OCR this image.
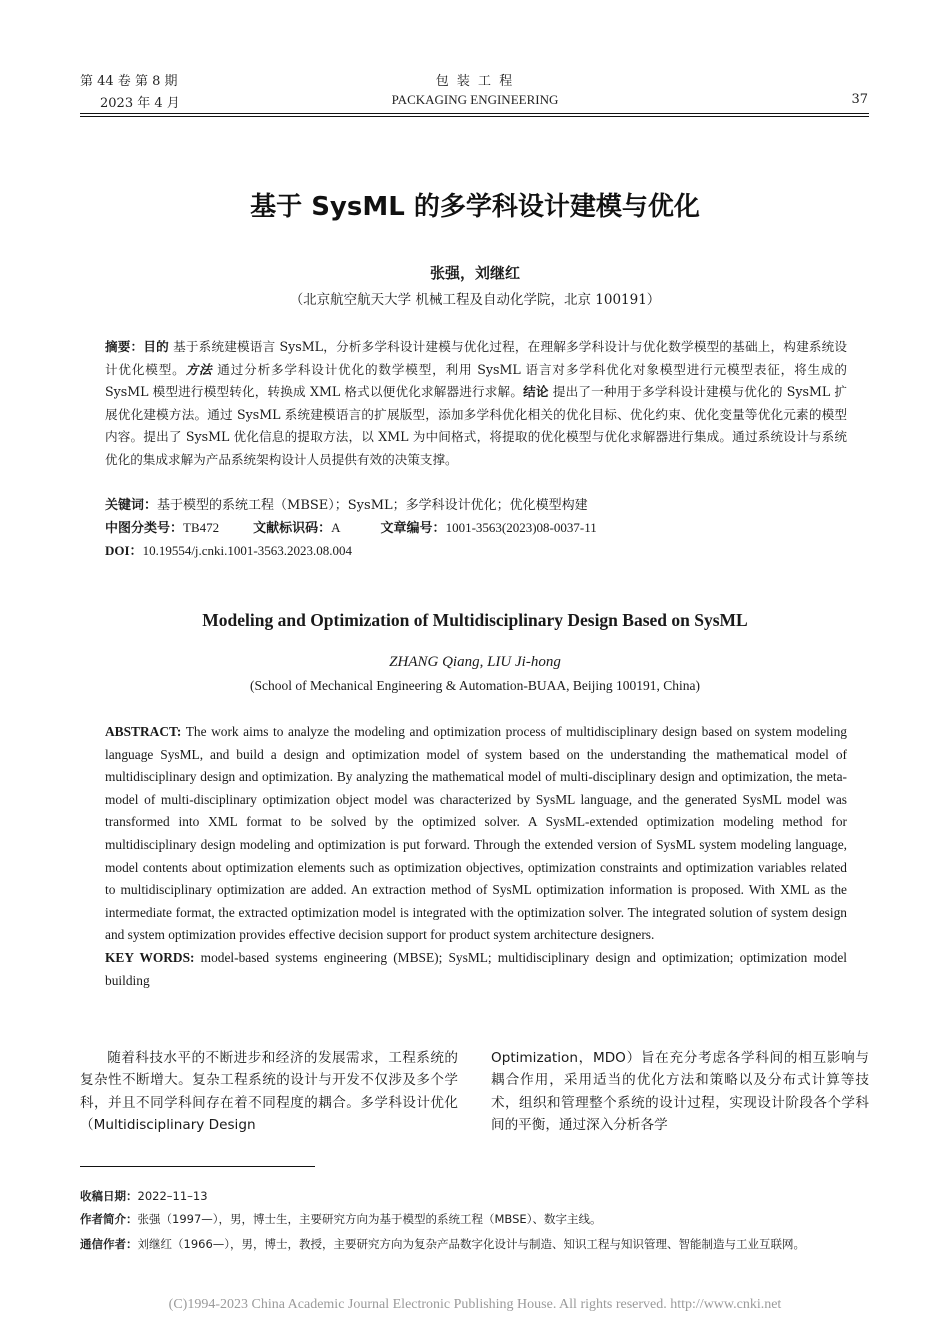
第 44 卷 第 8 期
2023 年 4 月
包 装 工 程
PACKAGING ENGINEERING	37
基于 SysML 的多学科设计建模与优化
张强，刘继红
（北京航空航天大学 机械工程及自动化学院，北京 100191）
摘要：目的 基于系统建模语言 SysML，分析多学科设计建模与优化过程，在理解多学科设计与优化数学模型的基础上，构建系统设计优化模型。方法 通过分析多学科设计优化的数学模型，利用 SysML 语言对多学科优化对象模型进行元模型表征，将生成的 SysML 模型进行模型转化，转换成 XML 格式以便优化求解器进行求解。结论 提出了一种用于多学科设计建模与优化的 SysML 扩展优化建模方法。通过 SysML 系统建模语言的扩展版型，添加多学科优化相关的优化目标、优化约束、优化变量等优化元素的模型内容。提出了 SysML 优化信息的提取方法，以 XML 为中间格式，将提取的优化模型与优化求解器进行集成。通过系统设计与系统优化的集成求解为产品系统架构设计人员提供有效的决策支撑。
关键词：基于模型的系统工程（MBSE）；SysML；多学科设计优化；优化模型构建
中图分类号：TB472	文献标识码：A	文章编号：1001-3563(2023)08-0037-11
DOI：10.19554/j.cnki.1001-3563.2023.08.004
Modeling and Optimization of Multidisciplinary Design Based on SysML
ZHANG Qiang, LIU Ji-hong
(School of Mechanical Engineering & Automation-BUAA, Beijing 100191, China)
ABSTRACT: The work aims to analyze the modeling and optimization process of multidisciplinary design based on system modeling language SysML, and build a design and optimization model of system based on the understanding the mathematical model of multidisciplinary design and optimization. By analyzing the mathematical model of multi-disciplinary design and optimization, the meta-model of multi-disciplinary optimization object model was characterized by SysML language, and the generated SysML model was transformed into XML format to be solved by the optimized solver. A SysML-extended optimization modeling method for multidisciplinary design modeling and optimization is put forward. Through the extended version of SysML system modeling language, model contents about optimization elements such as optimization objectives, optimization constraints and optimization variables related to multidisciplinary optimization are added. An extraction method of SysML optimization information is proposed. With XML as the intermediate format, the extracted optimization model is integrated with the optimization solver. The integrated solution of system design and system optimization provides effective decision support for product system architecture designers.
KEY WORDS: model-based systems engineering (MBSE); SysML; multidisciplinary design and optimization; optimization model building
随着科技水平的不断进步和经济的发展需求，工程系统的复杂性不断增大。复杂工程系统的设计与开发不仅涉及多个学科，并且不同学科间存在着不同程度的耦合。多学科设计优化（Multidisciplinary Design
Optimization，MDO）旨在充分考虑各学科间的相互影响与耦合作用，采用适当的优化方法和策略以及分布式计算等技术，组织和管理整个系统的设计过程，实现设计阶段各个学科间的平衡，通过深入分析各学
收稿日期：2022–11–13
作者简介：张强（1997—），男，博士生，主要研究方向为基于模型的系统工程（MBSE）、数字主线。
通信作者：刘继红（1966—），男，博士，教授，主要研究方向为复杂产品数字化设计与制造、知识工程与知识管理、智能制造与工业互联网。
(C)1994-2023 China Academic Journal Electronic Publishing House. All rights reserved. http://www.cnki.net
